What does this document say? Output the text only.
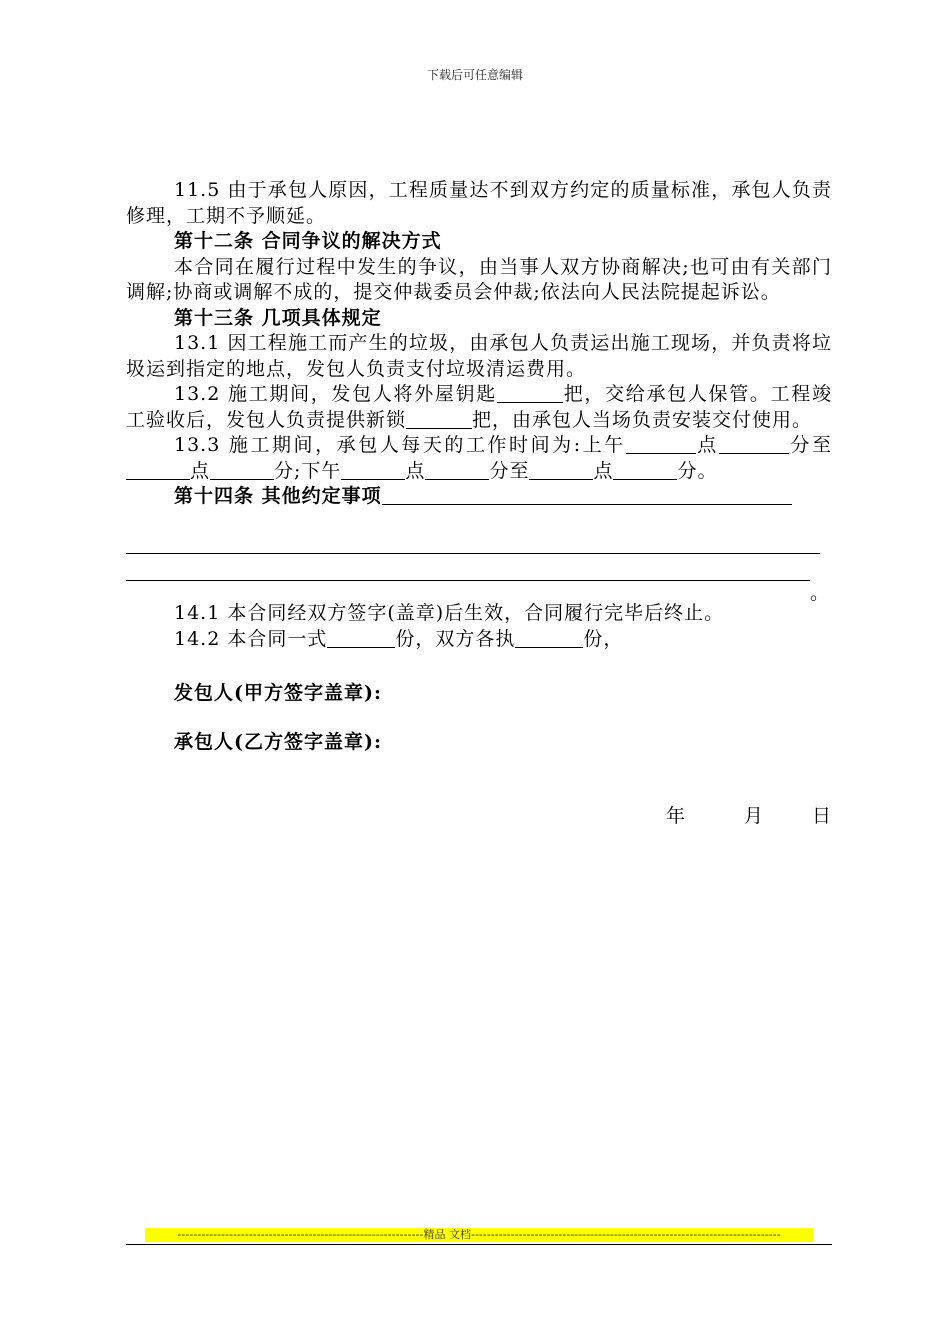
下载后可任意编辑

11.5 由于承包人原因，工程质量达不到双方约定的质量标准，承包人负责修理，工期不予顺延。

第十二条 合同争议的解决方式

本合同在履行过程中发生的争议，由当事人双方协商解决;也可由有关部门调解;协商或调解不成的，提交仲裁委员会仲裁;依法向人民法院提起诉讼。

第十三条 几项具体规定

13.1 因工程施工而产生的垃圾，由承包人负责运出施工现场，并负责将垃圾运到指定的地点，发包人负责支付垃圾清运费用。

13.2 施工期间，发包人将外屋钥匙	把，交给承包人保管。工程竣工验收后，发包人负责提供新锁	把，由承包人当场负责安装交付使用。

13.3 施工期间，承包人每天的工作时间为:上午	点	分至点	分;下午	点	分至	点	分。

第十四条 其他约定事项

。

14.1 本合同经双方签字(盖章)后生效，合同履行完毕后终止。

14.2 本合同一式	份，双方各执	份，

发包人(甲方签字盖章):
承包人(乙方签字盖章):
年	月	日
--------------------------------------------------------------精品 文档------------------------------------------------------------------------------
